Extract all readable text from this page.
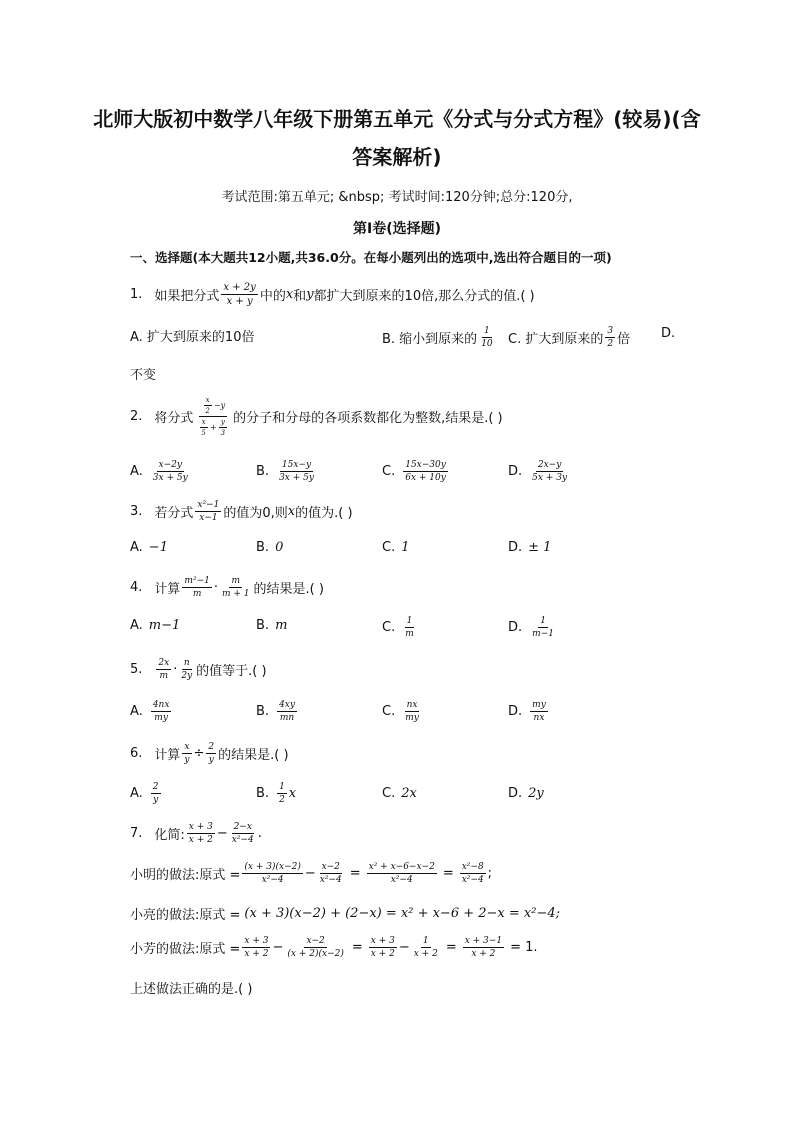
北师大版初中数学八年级下册第五单元《分式与分式方程》(较易)(含答案解析)
考试范围:第五单元; &nbsp; 考试时间:120分钟;总分:120分,
第I卷(选择题)
一、选择题(本大题共12小题,共36.0分。在每小题列出的选项中,选出符合题目的一项)
1. 如果把分式 $\frac{x + 2y}{x + y}$ 中的 x 和 y 都扩大到原来的10倍,那么分式的值.( )
A. 扩大到原来的10倍	B. 缩小到原来的 $\frac{1}{10} C$. 扩大到原来的 $\frac{3}{2}$ 倍 D.
不变
2. 将分式 $\frac{\frac{x}{2} -y}{\frac{x}{5} + \frac{y}{3}}$ 的分子和分母的各项系数都化为整数,结果是.( )
A. $\frac{x-2y}{3x + 5y}$	B. $\frac{15x-y}{3x + 5y}$	C. $\frac{15x-30y}{6x + 10y}$	D. $\frac{2x-y}{5x + 3y}$
3. 若分式 $\frac{\text{x²−1}}{x-1}$ 的值为0,则 x 的值为.( )
A. −1	B. 0	C. 1	D. ± 1
4. 计算 $\frac{\text{m²−1}}{m} \cdot \frac{m}{m + 1}$ 的结果是.( )
A. m−1	B. m	C. $\frac{1}{m}$	D. $\frac{1}{m-1}$
5. $\frac{2x}{m} \cdot \frac{n}{2y}$ 的值等于.( )
A. $\frac{4nx}{my}$	B. $\frac{4xy}{mn}$	C. $\frac{nx}{my}$	D. $\frac{my}{nx}$
6. 计算 $\frac{x}{y} \div \frac{2}{y}$ 的结果是.( )
A. $\frac{2}{y}$	B. $\frac{1}{2}$ x	C. 2x	D. 2y
7. 化简: $\frac{x + 3}{x + 2} - \frac{2-x}{\text{x²−4}}$ .
小明的做法:原式 = $\frac{(x + 3)(x-2)}{\text{x²−4}} - \frac{x-2}{\text{x²−4}} = \frac{\text{x² + x−6−x−2}}{\text{x²−4}} = \frac{\text{x²−8}}{\text{x²−4}}$ ;
小亮的做法:原式 = (x + 3)(x−2) + (2−x) = x² + x−6 + 2−x = x²−4;
小芳的做法:原式 = $\frac{x + 3}{x + 2} - \frac{x-2}{(x + 2)(x-2)} = \frac{x + 3}{x + 2} - \frac{1}{x + 2} = \frac{x + 3-1}{x + 2} = 1$.
上述做法正确的是.( )
